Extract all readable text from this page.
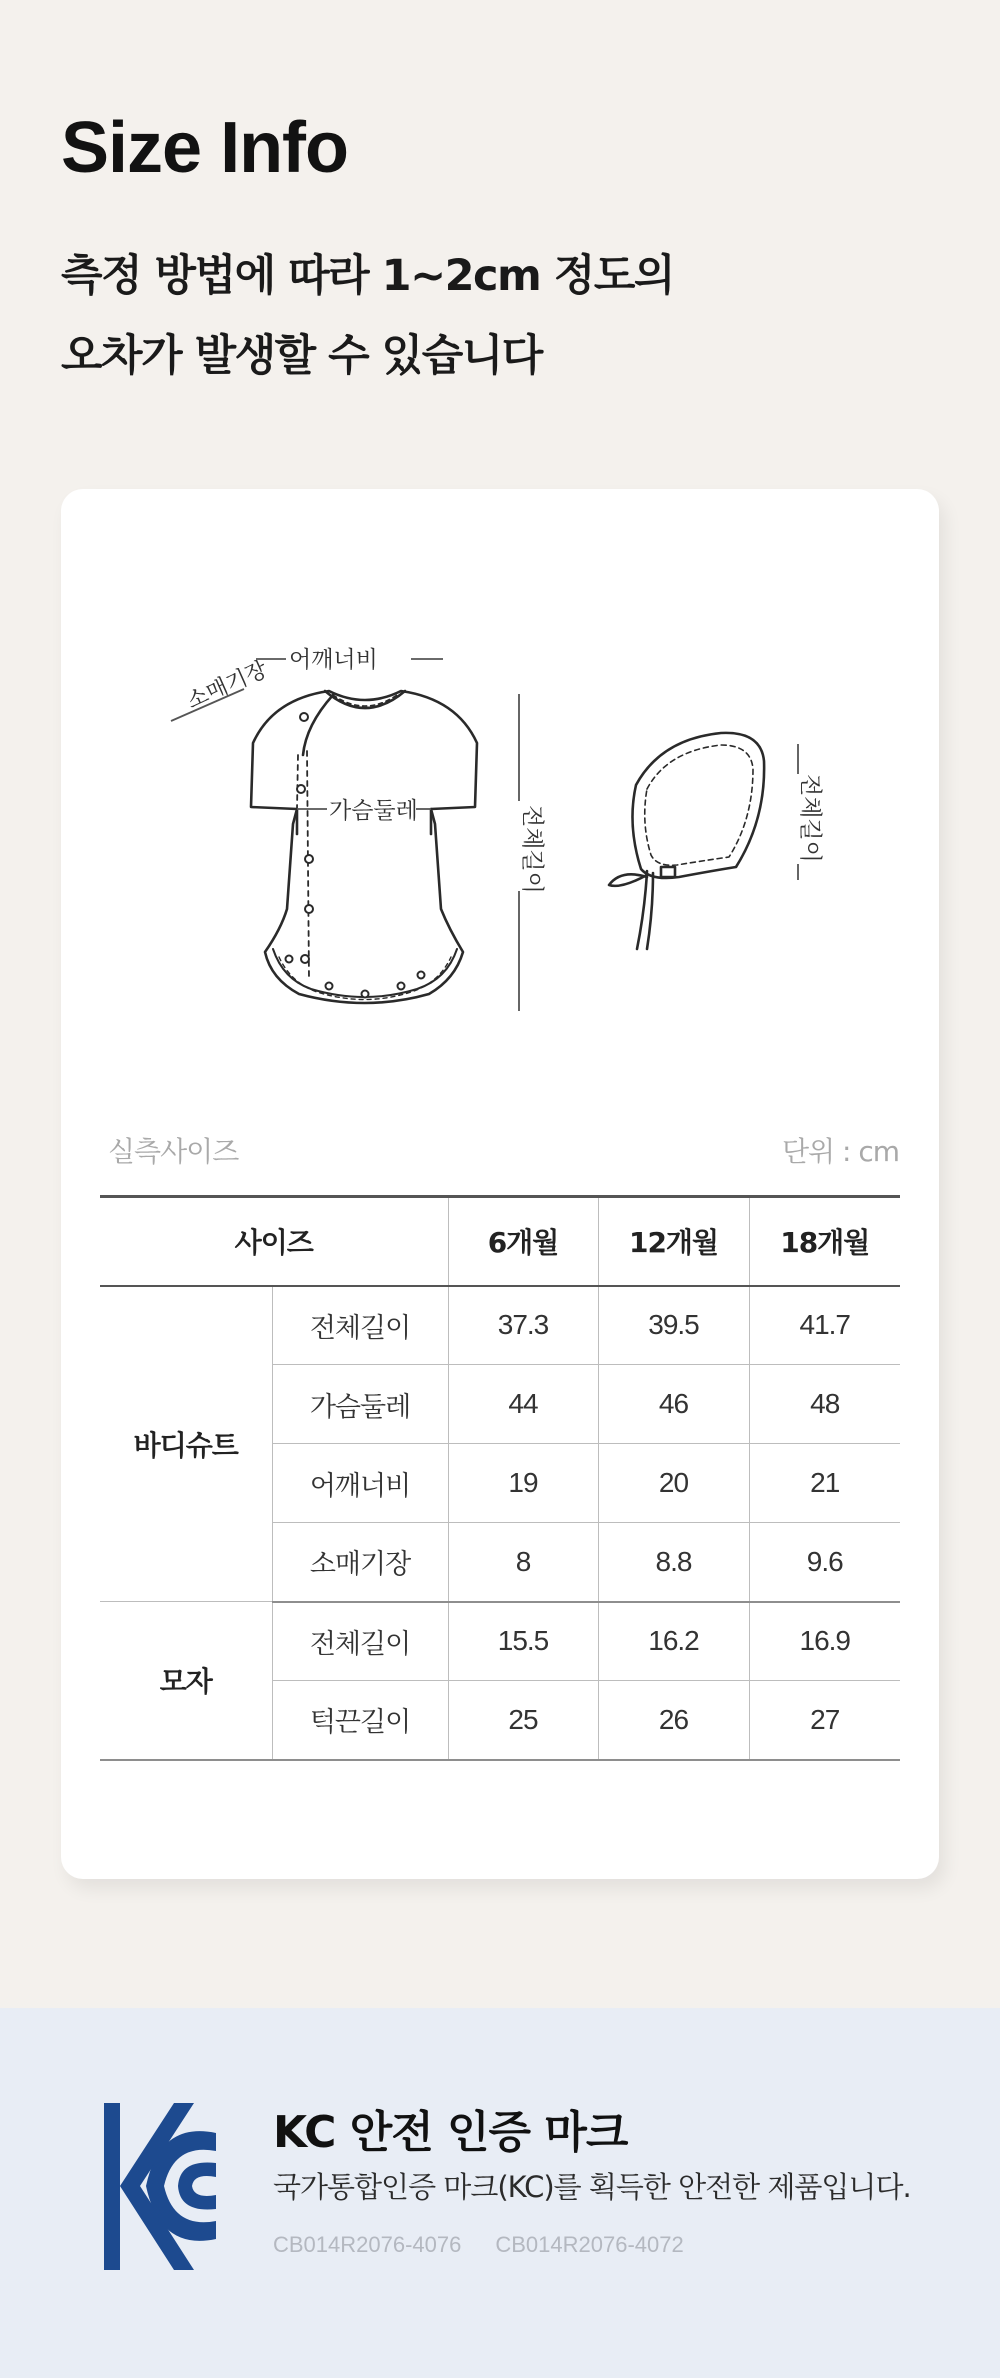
Size Info
측정 방법에 따라 1~2cm 정도의
오차가 발생할 수 있습니다
소매기장 어깨너비
가슴둘레	전체길이	전체길이
실측사이즈	단위 : cm
사이즈		6개월	12개월	18개월
바디슈트	전체길이	37.3	39.5	41.7
	가슴둘레	44	46	48
	어깨너비	19	20	21
	소매기장	8	8.8	9.6
모자	전체길이	15.5	16.2	16.9
	턱끈길이	25	26	27
KC 안전 인증 마크
국가통합인증 마크(KC)를 획득한 안전한 제품입니다.
CB014R2076-4076 CB014R2076-4072
